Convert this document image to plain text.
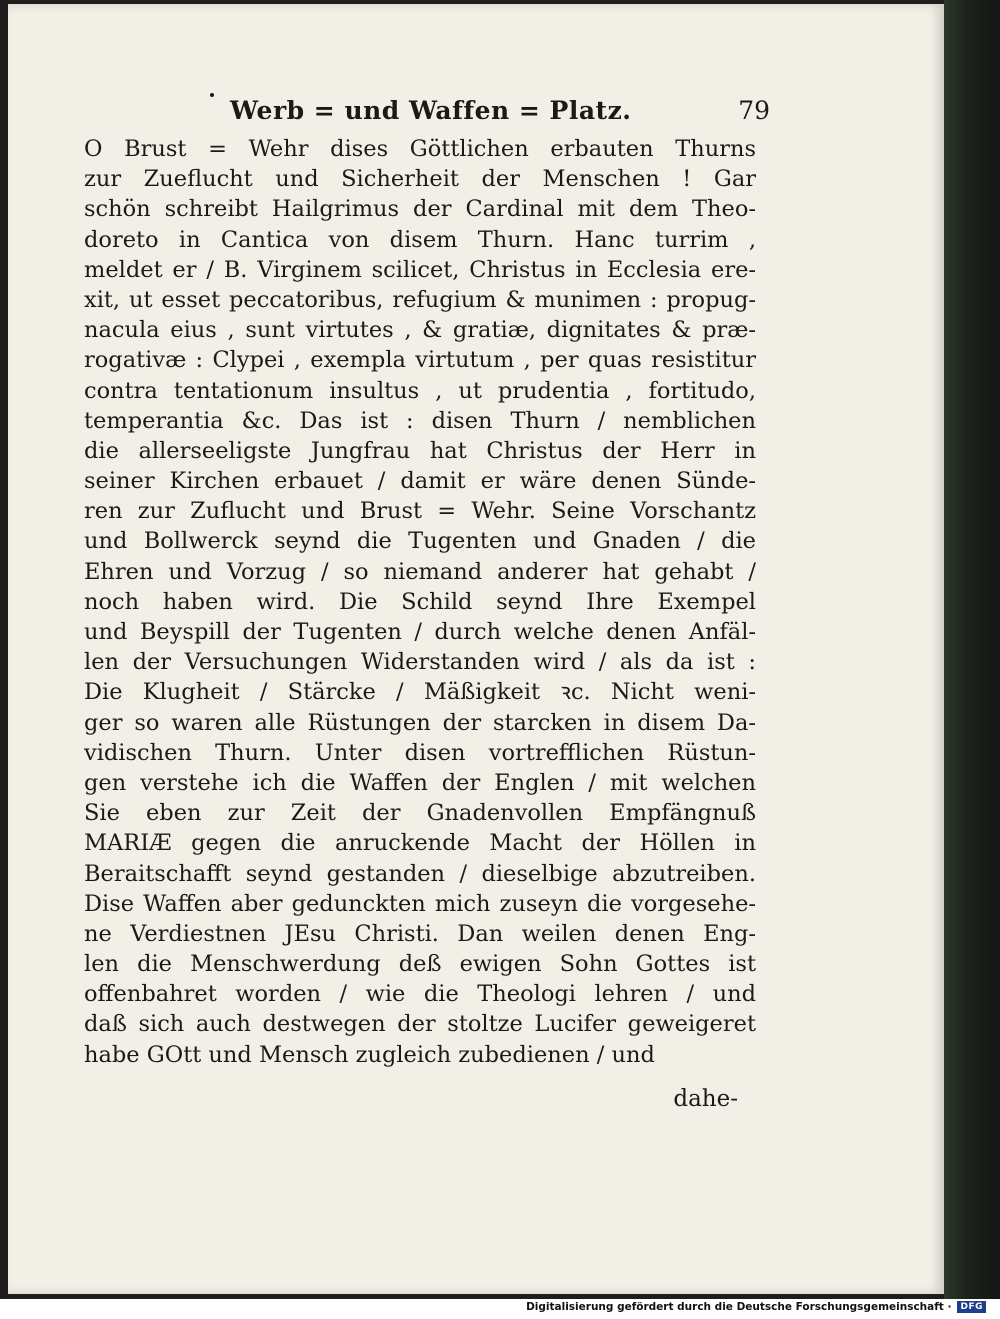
Werb = und Waffen = Platz.	79
O Brust = Wehr dises Göttlichen erbauten Thurns
zur Zueflucht und Sicherheit der Menschen ! Gar
schön schreibt Hailgrimus der Cardinal mit dem Theo-
doreto in Cantica von disem Thurn. Hanc turrim ,
meldet er / B. Virginem scilicet, Christus in Ecclesia ere-
xit, ut esset peccatoribus, refugium & munimen : propug-
nacula eius , sunt virtutes , & gratiæ, dignitates & præ-
rogativæ : Clypei , exempla virtutum , per quas resistitur
contra tentationum insultus , ut prudentia , fortitudo,
temperantia &c. Das ist : disen Thurn / nemblichen
die allerseeligste Jungfrau hat Christus der Herr in
seiner Kirchen erbauet / damit er wäre denen Sünde-
ren zur Zuflucht und Brust = Wehr. Seine Vorschantz
und Bollwerck seynd die Tugenten und Gnaden / die
Ehren und Vorzug / so niemand anderer hat gehabt /
noch haben wird. Die Schild seynd Ihre Exempel
und Beyspill der Tugenten / durch welche denen Anfäl-
len der Versuchungen Widerstanden wird / als da ist :
Die Klugheit / Stärcke / Mäßigkeit ꝛc. Nicht weni-
ger so waren alle Rüstungen der starcken in disem Da-
vidischen Thurn. Unter disen vortrefflichen Rüstun-
gen verstehe ich die Waffen der Englen / mit welchen
Sie eben zur Zeit der Gnadenvollen Empfängnuß
MARIÆ gegen die anruckende Macht der Höllen in
Beraitschafft seynd gestanden / dieselbige abzutreiben.
Dise Waffen aber gedunckten mich zuseyn die vorgesehe-
ne Verdiestnen JEsu Christi. Dan weilen denen Eng-
len die Menschwerdung deß ewigen Sohn Gottes ist
offenbahret worden / wie die Theologi lehren / und
daß sich auch destwegen der stoltze Lucifer geweigeret
habe GOtt und Mensch zugleich zubedienen / und
dahe-
Digitalisierung gefördert durch die Deutsche Forschungsgemeinschaft ·	DFG
